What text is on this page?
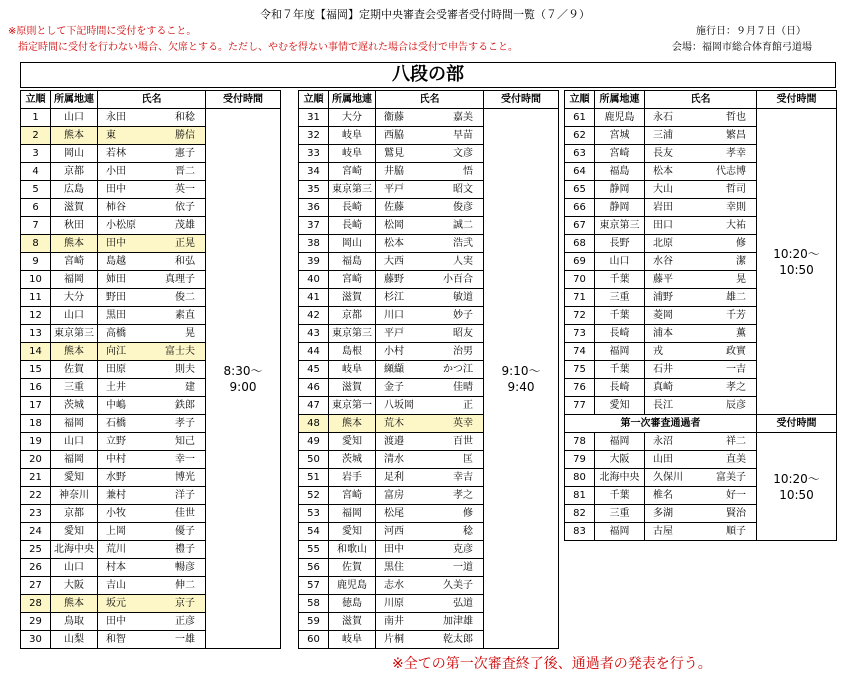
令和７年度【福岡】定期中央審査会受審者受付時間一覧（７／９）
※原則として下記時間に受付をすること。
　指定時間に受付を行わない場合、欠席とする。ただし、やむを得ない事情で遅れた場合は受付で申告すること。
施行日：９月７日（日）
会場：福岡市総合体育館弓道場
八段の部
立順	所属地連	氏名	受付時間
1	山口	永田 和稔	8:30～
9:00
2	熊本	東 勝信	

3	岡山	若林 憲子	

4	京都	小田 晋二	

5	広島	田中 英一	

6	滋賀	柿谷 依子	

7	秋田	小松原 茂雄	

8	熊本	田中 正晃	

9	宮崎	島越 和弘	

10	福岡	姉田 真理子	

11	大分	野田 俊二	

12	山口	黒田 素直	

13	東京第三	高橋 晃	

14	熊本	向江 富士夫	

15	佐賀	田原 則夫	

16	三重	土井 建	

17	茨城	中嶋 鉄郎	

18	福岡	石橋 孝子	

19	山口	立野 知己	

20	福岡	中村 幸一	

21	愛知	水野 博光	

22	神奈川	兼村 洋子	

23	京都	小牧 佳世	

24	愛知	上岡 優子	

25	北海中央	荒川 禮子	

26	山口	村本 暢彦	

27	大阪	吉山 伸二	

28	熊本	坂元 京子	

29	鳥取	田中 正彦	

30	山梨	和智 一雄	
立順	所属地連	氏名	受付時間
31	大分	衞藤 嘉美	9:10～
9:40
32	岐阜	西脇 早苗	

33	岐阜	鷲見 文彦	

34	宮崎	井脇 悟	

35	東京第三	平戸 昭文	

36	長崎	佐藤 俊彦	

37	長崎	松岡 誠二	

38	岡山	松本 浩弐	

39	福島	大西 人実	

40	宮崎	藤野 小百合	

41	滋賀	杉江 敏道	

42	京都	川口 妙子	

43	東京第三	平戸 昭友	

44	島根	小村 治男	

45	岐阜	纐纈 かつ江	

46	滋賀	金子 佳晴	

47	東京第一	八坂岡 正	

48	熊本	荒木 英幸	

49	愛知	渡邉 百世	

50	茨城	清水 匡	

51	岩手	足利 幸吉	

52	宮崎	富房 孝之	

53	福岡	松尾 修	

54	愛知	河西 稔	

55	和歌山	田中 克彦	

56	佐賀	黒住 一道	

57	鹿児島	志水 久美子	

58	徳島	川原 弘道	

59	滋賀	南井 加津雄	

60	岐阜	片桐 乾太郎	
立順	所属地連	氏名	受付時間
61	鹿児島	永石 哲也	10:20～
10:50
62	宮城	三浦 繁昌	

63	宮崎	長友 孝幸	

64	福島	松本 代志博	

65	静岡	大山 哲司	

66	静岡	岩田 幸則	

67	東京第三	田口 大祐	

68	長野	北原 修	

69	山口	水谷 潔	

70	千葉	藤平 晃	

71	三重	浦野 雄二	

72	千葉	菱岡 千芳	

73	長崎	浦本 薫	

74	福岡	戎 政實	

75	千葉	石井 一吉	

76	長崎	真崎 孝之	

77	愛知	長江 辰彦	

第一次審査通過者			受付時間
78	福岡	永沼 祥二	10:20～
10:50
79	大阪	山田 直美	

80	北海中央	久保川 富美子	

81	千葉	椎名 好一	

82	三重	多湖 賢治	

83	福岡	古屋 順子	
※全ての第一次審査終了後、通過者の発表を行う。
